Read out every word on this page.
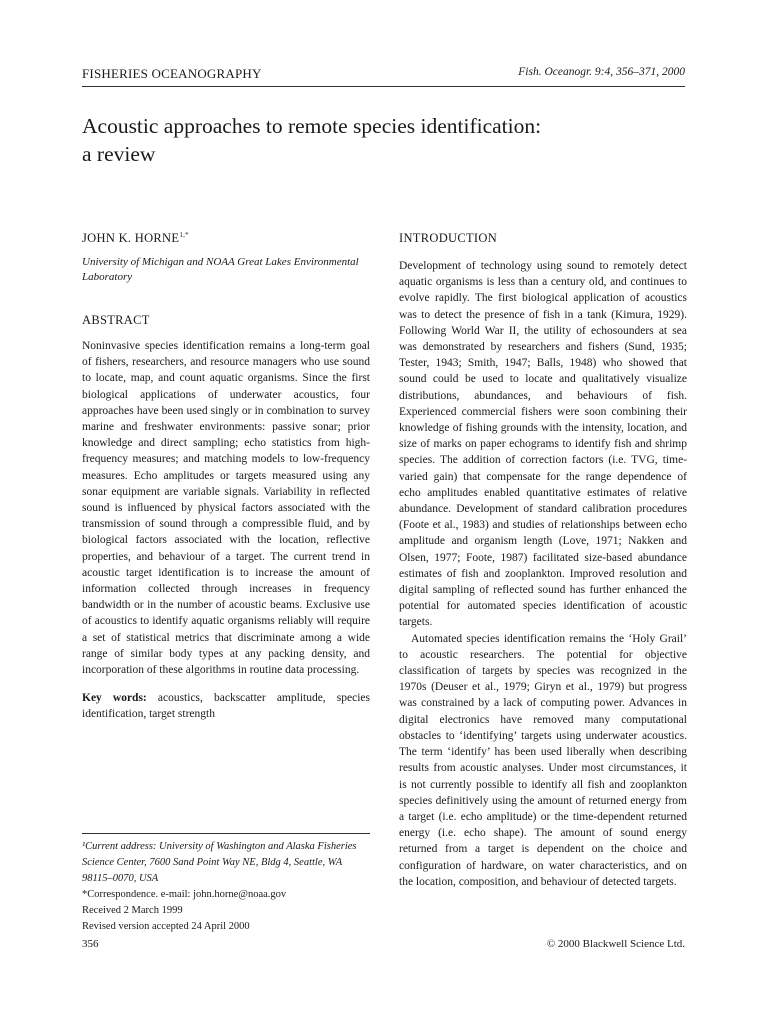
FISHERIES OCEANOGRAPHY	Fish. Oceanogr. 9:4, 356–371, 2000
Acoustic approaches to remote species identification:
a review
JOHN K. $HORNE^{1,*}$
University of Michigan and NOAA Great Lakes Environmental Laboratory
ABSTRACT

Noninvasive species identification remains a long-term goal of fishers, researchers, and resource managers who use sound to locate, map, and count aquatic organisms. Since the first biological applications of underwater acoustics, four approaches have been used singly or in combination to survey marine and freshwater environments: passive sonar; prior knowledge and direct sampling; echo statistics from high-frequency measures; and matching models to low-frequency measures. Echo amplitudes or targets measured using any sonar equipment are variable signals. Variability in reflected sound is influenced by physical factors associated with the transmission of sound through a compressible fluid, and by biological factors associated with the location, reflective properties, and behaviour of a target. The current trend in acoustic target identification is to increase the amount of information collected through increases in frequency bandwidth or in the number of acoustic beams. Exclusive use of acoustics to identify aquatic organisms reliably will require a set of statistical metrics that discriminate among a wide range of similar body types at any packing density, and incorporation of these algorithms in routine data processing.

Key words: acoustics, backscatter amplitude, species identification, target strength

¹Current address: University of Washington and Alaska Fisheries Science Center, 7600 Sand Point Way NE, Bldg 4, Seattle, WA 98115–0070, USA
*Correspondence. e-mail: john.horne@noaa.gov
Received 2 March 1999
Revised version accepted 24 April 2000
INTRODUCTION

Development of technology using sound to remotely detect aquatic organisms is less than a century old, and continues to evolve rapidly. The first biological application of acoustics was to detect the presence of fish in a tank (Kimura, 1929). Following World War II, the utility of echosounders at sea was demonstrated by researchers and fishers (Sund, 1935; Tester, 1943; Smith, 1947; Balls, 1948) who showed that sound could be used to locate and qualitatively visualize distributions, abundances, and behaviours of fish. Experienced commercial fishers were soon combining their knowledge of fishing grounds with the intensity, location, and size of marks on paper echograms to identify fish and shrimp species. The addition of correction factors (i.e. TVG, time-varied gain) that compensate for the range dependence of echo amplitudes enabled quantitative estimates of relative abundance. Development of standard calibration procedures (Foote et al., 1983) and studies of relationships between echo amplitude and organism length (Love, 1971; Nakken and Olsen, 1977; Foote, 1987) facilitated size-based abundance estimates of fish and zooplankton. Improved resolution and digital sampling of reflected sound has further enhanced the potential for automated species identification of acoustic targets.

Automated species identification remains the ‘Holy Grail’ to acoustic researchers. The potential for objective classification of targets by species was recognized in the 1970s (Deuser et al., 1979; Giryn et al., 1979) but progress was constrained by a lack of computing power. Advances in digital electronics have removed many computational obstacles to ‘identifying’ targets using underwater acoustics. The term ‘identify’ has been used liberally when describing results from acoustic analyses. Under most circumstances, it is not currently possible to identify all fish and zooplankton species definitively using the amount of returned energy from a target (i.e. echo amplitude) or the time-dependent returned energy (i.e. echo shape). The amount of sound energy returned from a target is dependent on the choice and configuration of hardware, on water characteristics, and on the location, composition, and behaviour of detected targets.

356	© 2000 Blackwell Science Ltd.
